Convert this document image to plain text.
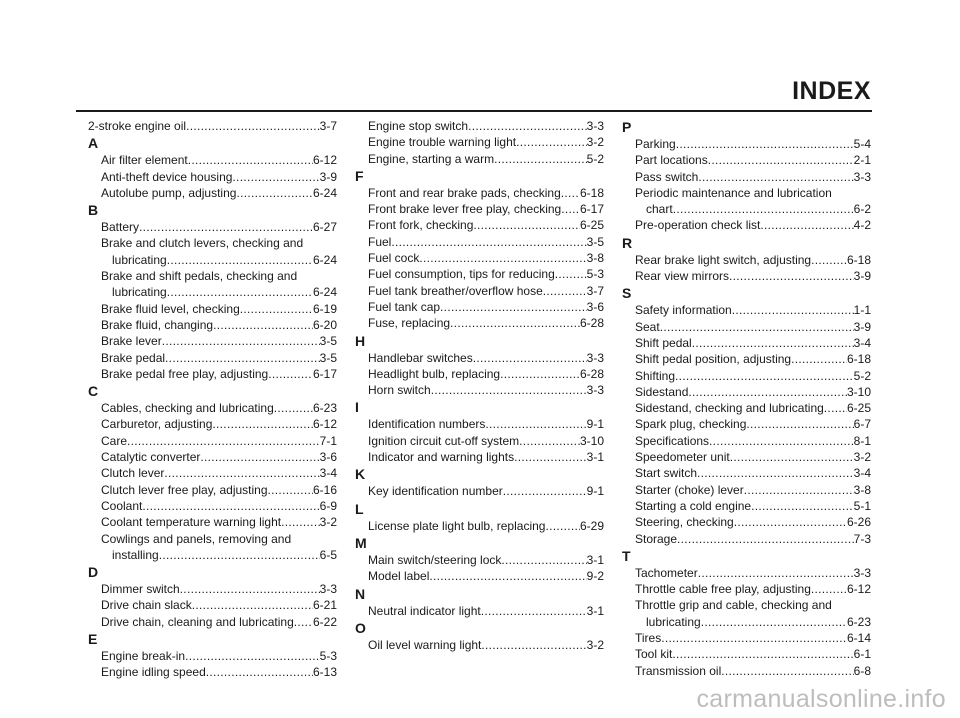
INDEX
2-stroke engine oil .....	3-7
A
Air filter element .....	6-12
Anti-theft device housing .....	3-9
Autolube pump, adjusting .....	6-24
B
Battery .....	6-27
Brake and clutch levers, checking and
lubricating .....	6-24
Brake and shift pedals, checking and
lubricating .....	6-24
Brake fluid level, checking .....	6-19
Brake fluid, changing .....	6-20
Brake lever .....	3-5
Brake pedal .....	3-5
Brake pedal free play, adjusting .....	6-17
C
Cables, checking and lubricating .....	6-23
Carburetor, adjusting .....	6-12
Care .....	7-1
Catalytic converter .....	3-6
Clutch lever .....	3-4
Clutch lever free play, adjusting .....	6-16
Coolant .....	6-9
Coolant temperature warning light .....	3-2
Cowlings and panels, removing and
installing .....	6-5
D
Dimmer switch .....	3-3
Drive chain slack .....	6-21
Drive chain, cleaning and lubricating .....	6-22
E
Engine break-in .....	5-3
Engine idling speed .....	6-13
Engine stop switch .....	3-3
Engine trouble warning light .....	3-2
Engine, starting a warm .....	5-2
F
Front and rear brake pads, checking .....	6-18
Front brake lever free play, checking .....	6-17
Front fork, checking .....	6-25
Fuel .....	3-5
Fuel cock .....	3-8
Fuel consumption, tips for reducing .....	5-3
Fuel tank breather/overflow hose .....	3-7
Fuel tank cap .....	3-6
Fuse, replacing .....	6-28
H
Handlebar switches .....	3-3
Headlight bulb, replacing .....	6-28
Horn switch .....	3-3
I
Identification numbers .....	9-1
Ignition circuit cut-off system .....	3-10
Indicator and warning lights .....	3-1
K
Key identification number .....	9-1
L
License plate light bulb, replacing .....	6-29
M
Main switch/steering lock .....	3-1
Model label .....	9-2
N
Neutral indicator light .....	3-1
O
Oil level warning light .....	3-2
P
Parking .....	5-4
Part locations .....	2-1
Pass switch .....	3-3
Periodic maintenance and lubrication
chart .....	6-2
Pre-operation check list .....	4-2
R
Rear brake light switch, adjusting .....	6-18
Rear view mirrors .....	3-9
S
Safety information .....	1-1
Seat .....	3-9
Shift pedal .....	3-4
Shift pedal position, adjusting .....	6-18
Shifting .....	5-2
Sidestand .....	3-10
Sidestand, checking and lubricating .....	6-25
Spark plug, checking .....	6-7
Specifications .....	8-1
Speedometer unit .....	3-2
Start switch .....	3-4
Starter (choke) lever .....	3-8
Starting a cold engine .....	5-1
Steering, checking .....	6-26
Storage .....	7-3
T
Tachometer .....	3-3
Throttle cable free play, adjusting .....	6-12
Throttle grip and cable, checking and
lubricating .....	6-23
Tires .....	6-14
Tool kit .....	6-1
Transmission oil .....	6-8
carmanualsonline.info
